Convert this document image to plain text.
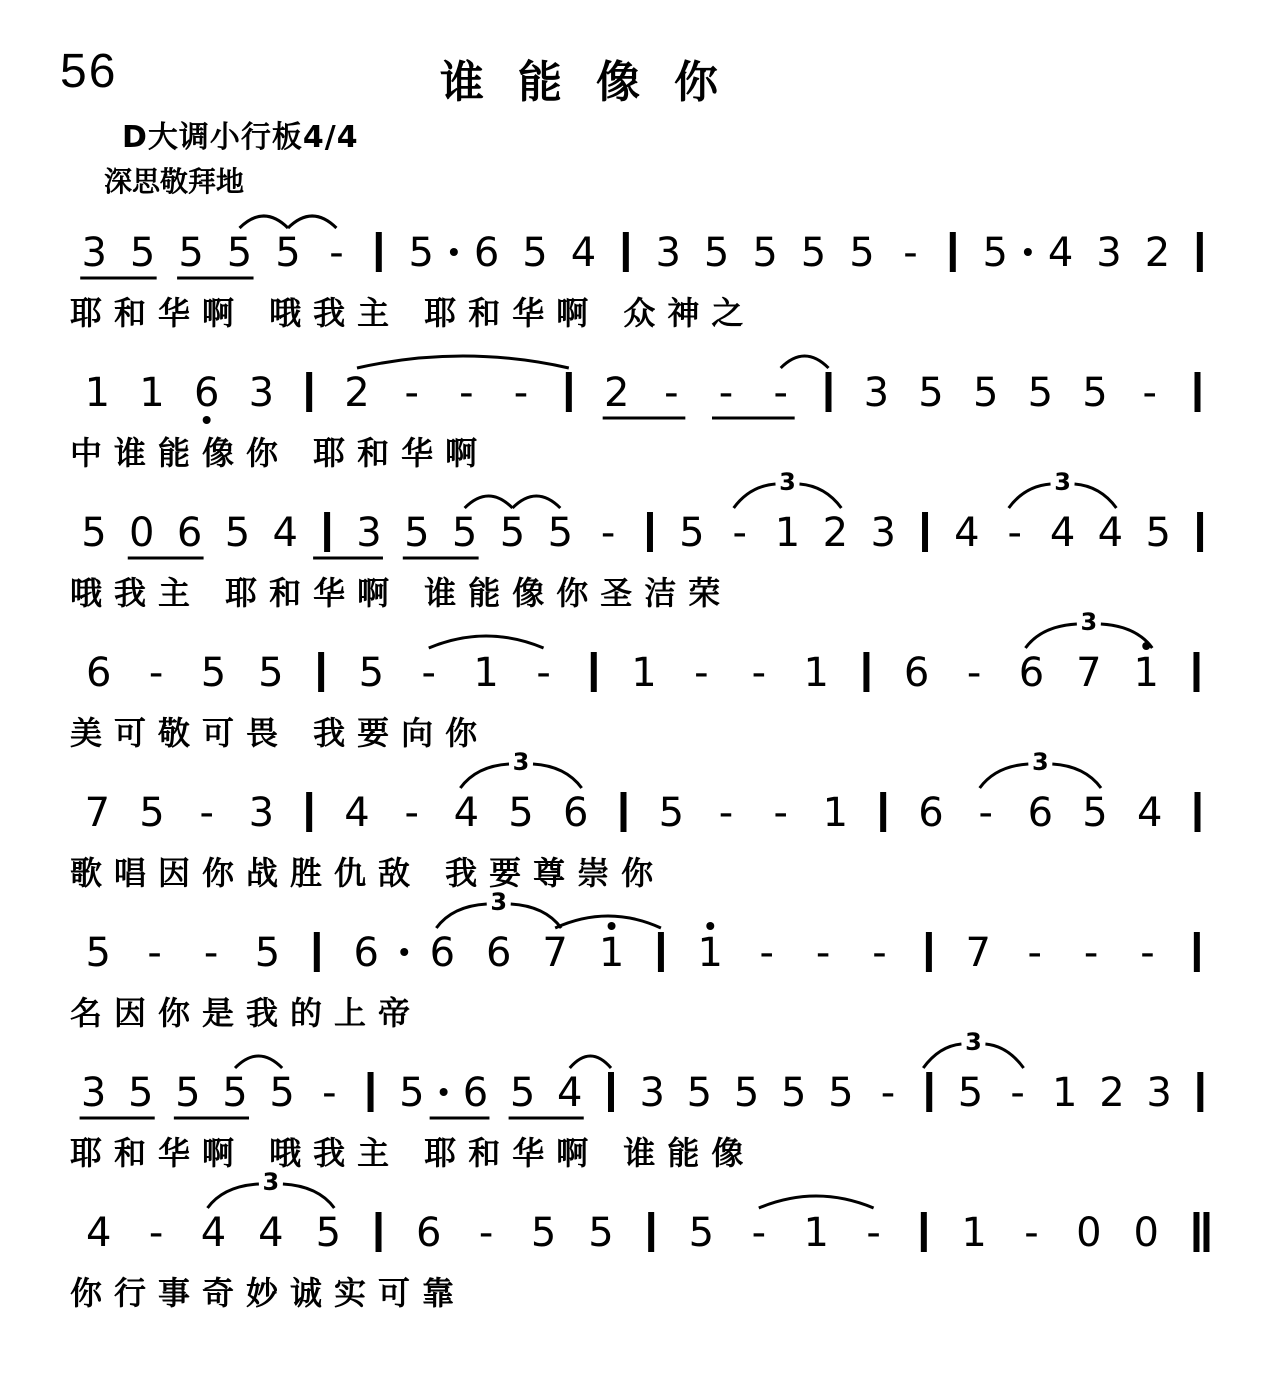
56	谁能像你
D大调小行板4/4
深思敬拜地
3 5 5 5 5 - 5 6 5 4 3 5 5 5 5 - 5 4 3 2
耶和华啊 哦我主 耶和华啊 众神之
1 1 6 3 2 - - - 2 - - - 3 5 5 5 5 -
中谁能像你 耶和华啊
5 0 6 5 4 3 5 5 5 5 - 5 - 1 2 3 4 - 4 4 5
3	3
哦我主 耶和华啊 谁能像你圣洁荣
6 - 5 5 5 - 1 - 1 - - 1 6 - 6 7 1
3
美可敬可畏 我要向你
7 5 - 3 4 - 4 5 6 5 - - 1 6 - 6 5 4
3	3
歌唱因你战胜仇敌 我要尊崇你
5 - - 5 6 6 6 7 1 1 - - - 7 - - -
3
名因你是我的上帝
3 5 5 5 5 - 5 6 5 4 3 5 5 5 5 - 5 - 1 2 3
3
耶和华啊 哦我主 耶和华啊 谁能像
4 - 4 4 5 6 - 5 5 5 - 1 - 1 - 0 0
3
你行事奇妙诚实可靠
